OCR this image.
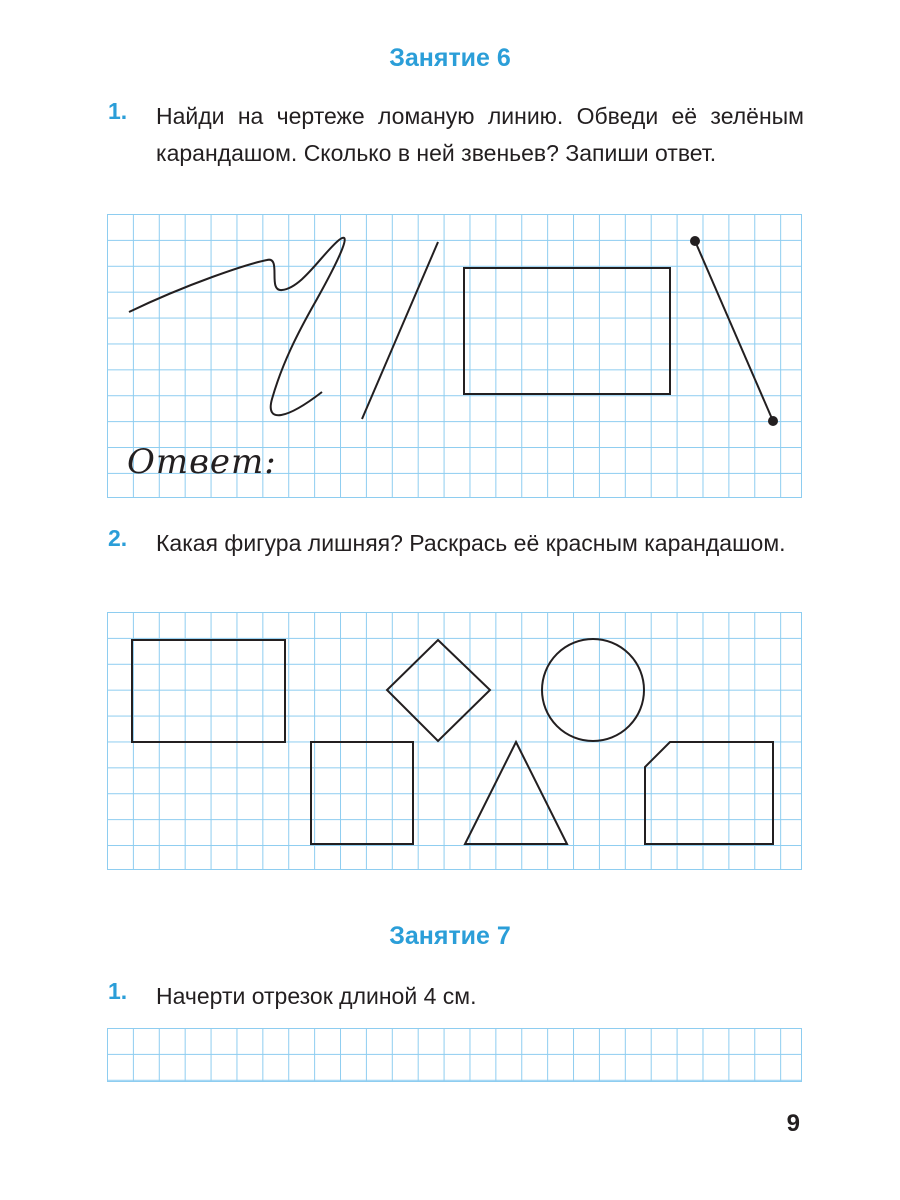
Занятие 6
1. Найди на чертеже ломаную линию. Обведи её зелёным карандашом. Сколько в ней звеньев? Запиши ответ.
Ответ:
2. Какая фигура лишняя? Раскрась её красным карандашом.
Занятие 7
1. Начерти отрезок длиной 4 см.
9
